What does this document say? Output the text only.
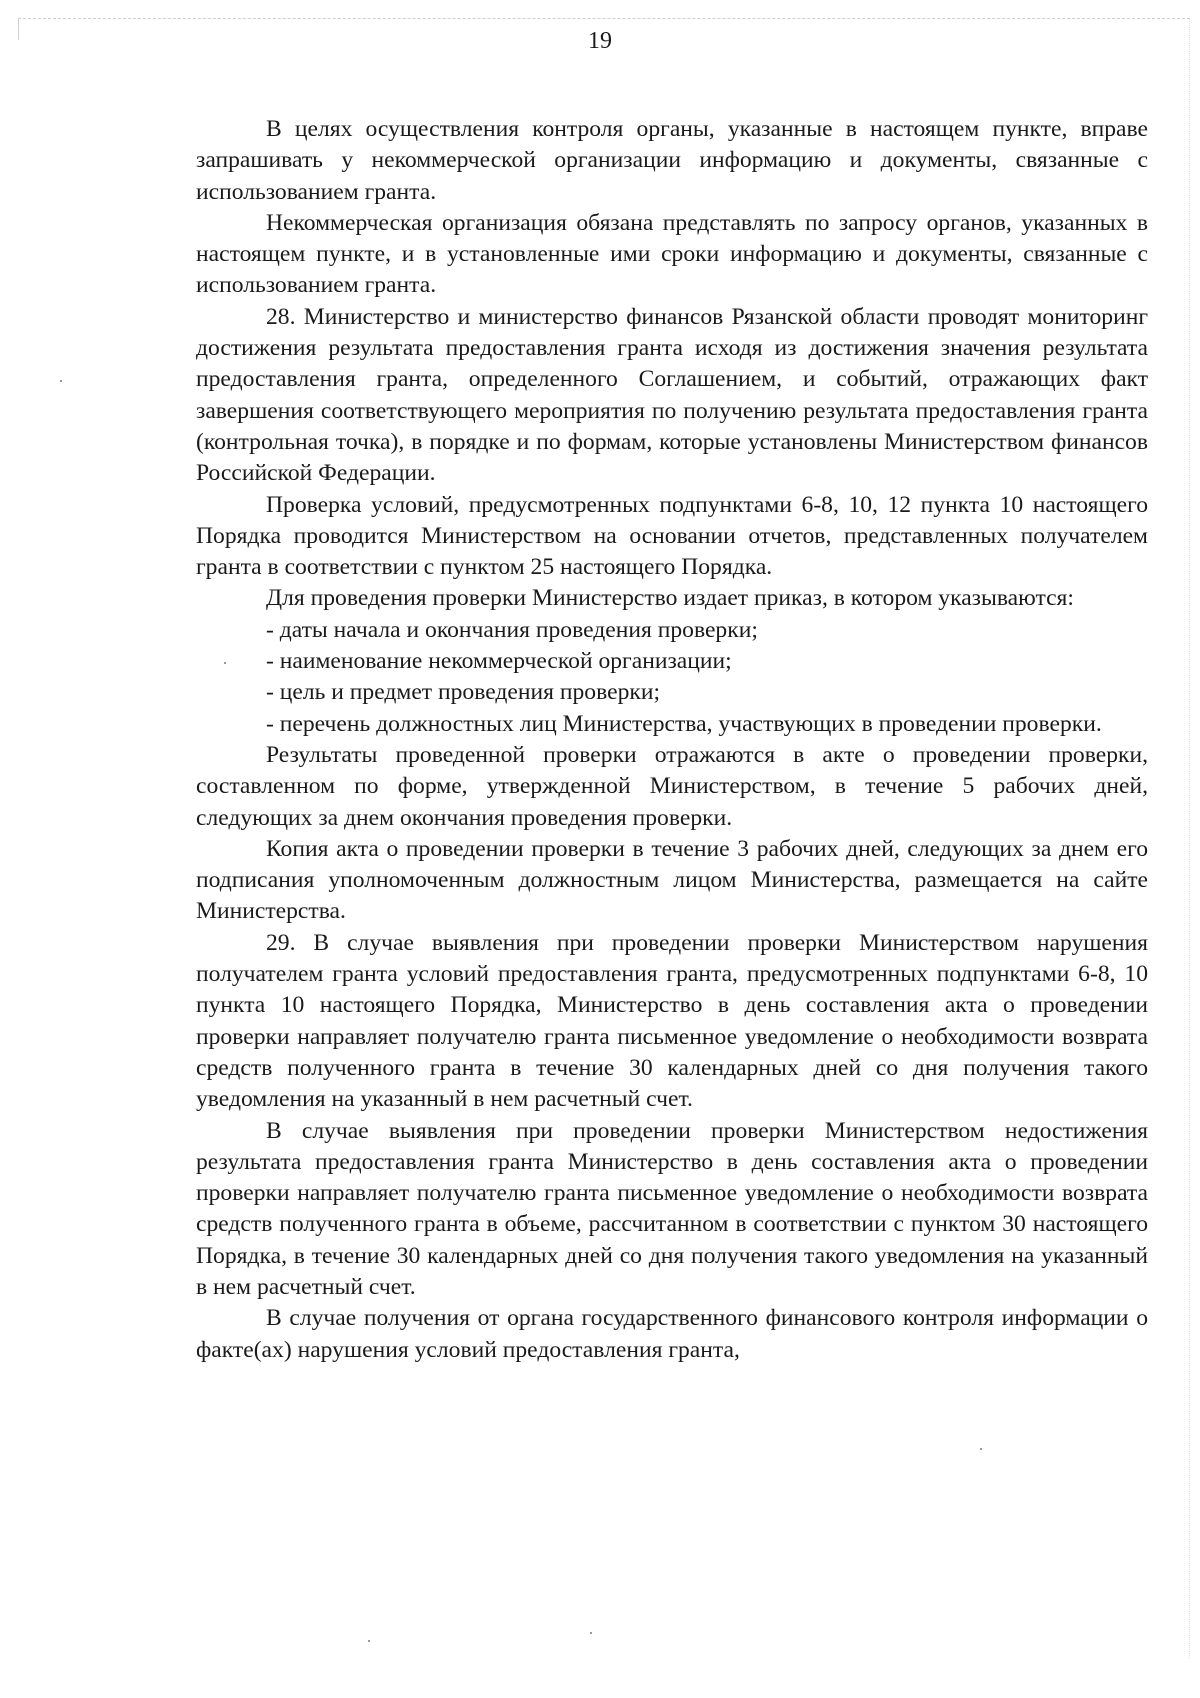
19

В целях осуществления контроля органы, указанные в настоящем пункте, вправе запрашивать у некоммерческой организации информацию и документы, связанные с использованием гранта.

Некоммерческая организация обязана представлять по запросу органов, указанных в настоящем пункте, и в установленные ими сроки информацию и документы, связанные с использованием гранта.

28. Министерство и министерство финансов Рязанской области проводят мониторинг достижения результата предоставления гранта исходя из достижения значения результата предоставления гранта, определенного Соглашением, и событий, отражающих факт завершения соответствующего мероприятия по получению результата предоставления гранта (контрольная точка), в порядке и по формам, которые установлены Министерством финансов Российской Федерации.

Проверка условий, предусмотренных подпунктами 6-8, 10, 12 пункта 10 настоящего Порядка проводится Министерством на основании отчетов, представленных получателем гранта в соответствии с пунктом 25 настоящего Порядка.

Для проведения проверки Министерство издает приказ, в котором указываются:

- даты начала и окончания проведения проверки;

- наименование некоммерческой организации;

- цель и предмет проведения проверки;

- перечень должностных лиц Министерства, участвующих в проведении проверки.

Результаты проведенной проверки отражаются в акте о проведении проверки, составленном по форме, утвержденной Министерством, в течение 5 рабочих дней, следующих за днем окончания проведения проверки.

Копия акта о проведении проверки в течение 3 рабочих дней, следующих за днем его подписания уполномоченным должностным лицом Министерства, размещается на сайте Министерства.

29. В случае выявления при проведении проверки Министерством нарушения получателем гранта условий предоставления гранта, предусмотренных подпунктами 6-8, 10 пункта 10 настоящего Порядка, Министерство в день составления акта о проведении проверки направляет получателю гранта письменное уведомление о необходимости возврата средств полученного гранта в течение 30 календарных дней со дня получения такого уведомления на указанный в нем расчетный счет.

В случае выявления при проведении проверки Министерством недостижения результата предоставления гранта Министерство в день составления акта о проведении проверки направляет получателю гранта письменное уведомление о необходимости возврата средств полученного гранта в объеме, рассчитанном в соответствии с пунктом 30 настоящего Порядка, в течение 30 календарных дней со дня получения такого уведомления на указанный в нем расчетный счет.

В случае получения от органа государственного финансового контроля информации о факте(ах) нарушения условий предоставления гранта,
